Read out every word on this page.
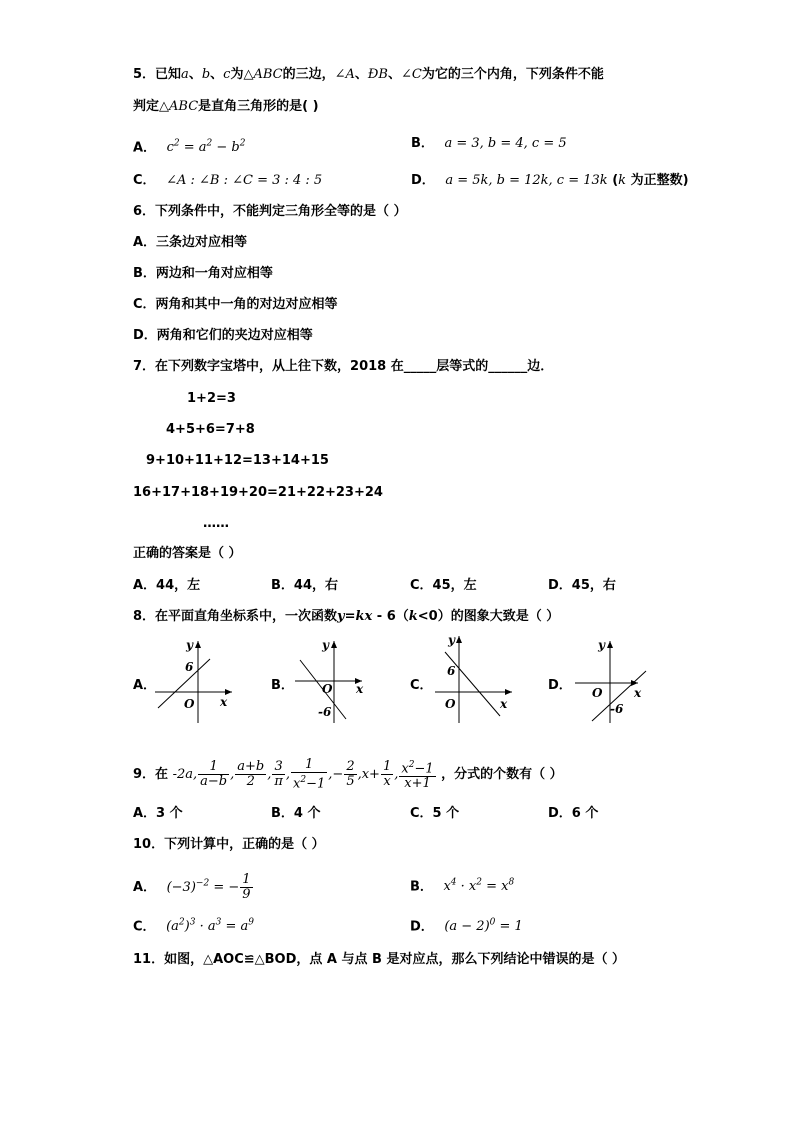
5．已知a、b、c为△ABC的三边，∠A、ÐB、∠C为它的三个内角，下列条件不能
判定△ABC是直角三角形的是( )
A． $c^2 = a^2 - b^2$	B． a = 3, b = 4, c = 5
C． ∠A : ∠B : ∠C = 3 : 4 : 5	D． a = 5k, b = 12k, c = 13k (k 为正整数)
6．下列条件中，不能判定三角形全等的是（ ）
A．三条边对应相等
B．两边和一角对应相等
C．两角和其中一角的对边对应相等
D．两角和它们的夹边对应相等
7．在下列数字宝塔中，从上往下数，2018 在_____层等式的______边．
1+2=3
4+5+6=7+8
9+10+11+12=13+14+15
16+17+18+19+20=21+22+23+24
……
正确的答案是（ ）
A．44，左	B．44，右	C．45，左	D．45，右
8．在平面直角坐标系中，一次函数y=kx - 6（k<0）的图象大致是（ ）
A．	B．	C．	D．
y
x
O
6
y
x
O
-6
y
x
O
6
y
x
O
-6
9．在 -2a, $\frac{1}{a-b}$ , $\frac{a+b}{2}$ , $\frac{3}{\pi}$ , $\frac{1}{x^2-1}$ ,− $\frac{2}{5} ,x+ \frac{1}{x}$ , $\frac{x^2-1}{x+1}$ ，分式的个数有（ ）
A．3 个	B．4 个	C．5 个	D．6 个
10．下列计算中，正确的是（ ）
A． $(-3)^{-2}$ = − $\frac{1}{9}$	B． $x^4 \cdot x^2 = x^8$
C． $(a^2)^3 \cdot a^3 = a^9$	D． $(a - 2)^0 = 1$
11．如图，△AOC≌△BOD，点 A 与点 B 是对应点，那么下列结论中错误的是（ ）
